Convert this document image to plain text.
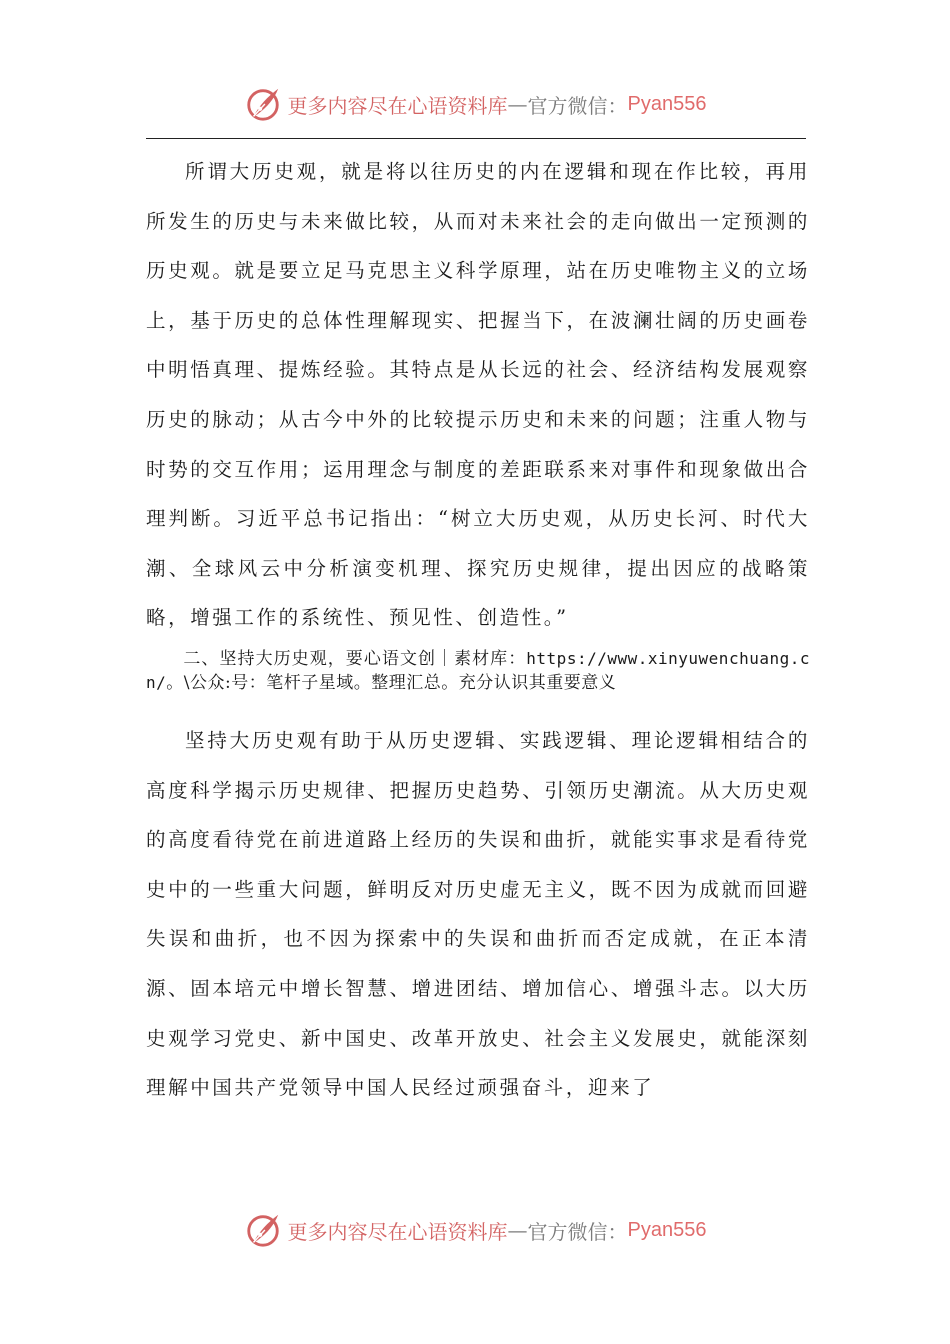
更多内容尽在心语资料库 — 官方微信： Pyan556

所谓大历史观，就是将以往历史的内在逻辑和现在作比较，再用所发生的历史与未来做比较，从而对未来社会的走向做出一定预测的历史观。就是要立足马克思主义科学原理，站在历史唯物主义的立场上，基于历史的总体性理解现实、把握当下，在波澜壮阔的历史画卷中明悟真理、提炼经验。其特点是从长远的社会、经济结构发展观察历史的脉动；从古今中外的比较提示历史和未来的问题；注重人物与时势的交互作用；运用理念与制度的差距联系来对事件和现象做出合理判断。习近平总书记指出：“树立大历史观，从历史长河、时代大潮、全球风云中分析演变机理、探究历史规律，提出因应的战略策略，增强工作的系统性、预见性、创造性。”

二、坚持大历史观，要心语文创｜素材库：https://www.xinyuwenchuang.cn/。\公众:号：笔杆子星域。整理汇总。充分认识其重要意义

坚持大历史观有助于从历史逻辑、实践逻辑、理论逻辑相结合的高度科学揭示历史规律、把握历史趋势、引领历史潮流。从大历史观的高度看待党在前进道路上经历的失误和曲折，就能实事求是看待党史中的一些重大问题，鲜明反对历史虚无主义，既不因为成就而回避失误和曲折，也不因为探索中的失误和曲折而否定成就，在正本清源、固本培元中增长智慧、增进团结、增加信心、增强斗志。以大历史观学习党史、新中国史、改革开放史、社会主义发展史，就能深刻理解中国共产党领导中国人民经过顽强奋斗，迎来了

更多内容尽在心语资料库 — 官方微信： Pyan556
